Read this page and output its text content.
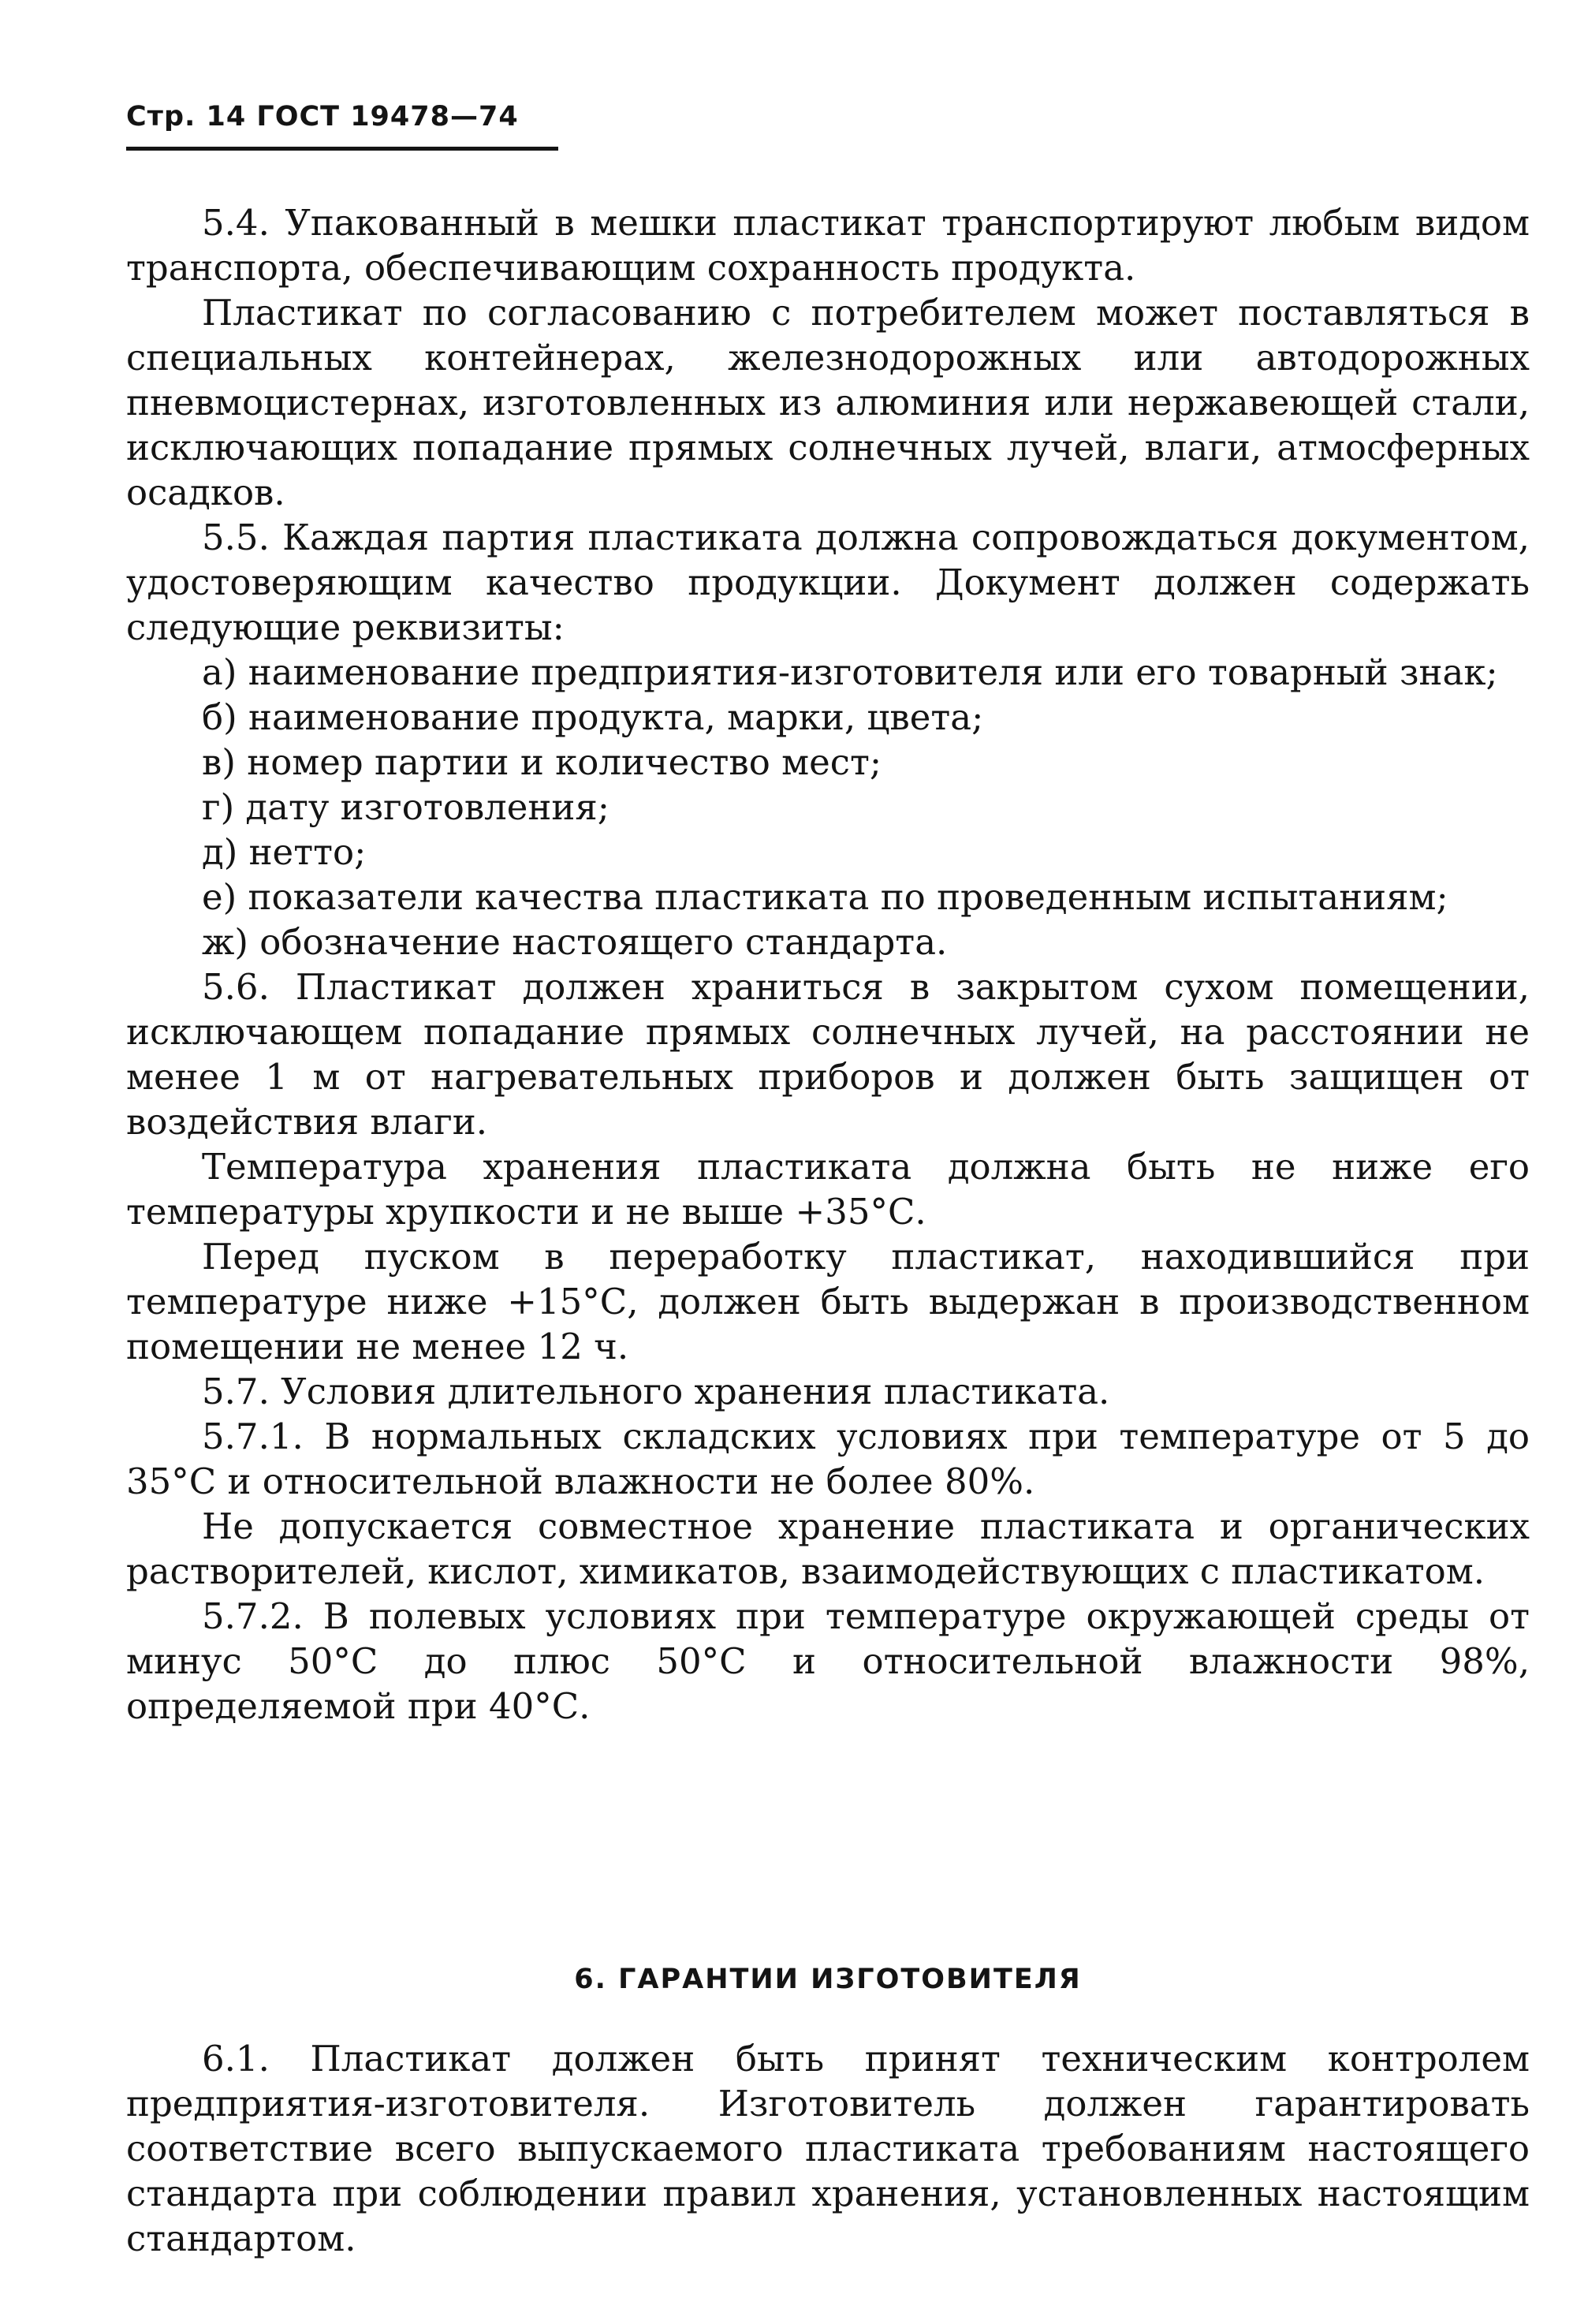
Стр. 14 ГОСТ 19478—74

5.4. Упакованный в мешки пластикат транспортируют любым видом транспорта, обеспечивающим сохранность продукта.

Пластикат по согласованию с потребителем может поставляться в специальных контейнерах, железнодорожных или автодорожных пневмоцистернах, изготовленных из алюминия или нержавеющей стали, исключающих попадание прямых солнечных лучей, влаги, атмосферных осадков.

5.5. Каждая партия пластиката должна сопровождаться документом, удостоверяющим качество продукции. Документ должен содержать следующие реквизиты:

а) наименование предприятия-изготовителя или его товарный знак;

б) наименование продукта, марки, цвета;

в) номер партии и количество мест;

г) дату изготовления;

д) нетто;

е) показатели качества пластиката по проведенным испытаниям;

ж) обозначение настоящего стандарта.

5.6. Пластикат должен храниться в закрытом сухом помещении, исключающем попадание прямых солнечных лучей, на расстоянии не менее 1 м от нагревательных приборов и должен быть защищен от воздействия влаги.

Температура хранения пластиката должна быть не ниже его температуры хрупкости и не выше +35°С.

Перед пуском в переработку пластикат, находившийся при температуре ниже +15°С, должен быть выдержан в производственном помещении не менее 12 ч.

5.7. Условия длительного хранения пластиката.

5.7.1. В нормальных складских условиях при температуре от 5 до 35°С и относительной влажности не более 80%.

Не допускается совместное хранение пластиката и органических растворителей, кислот, химикатов, взаимодействующих с пластикатом.

5.7.2. В полевых условиях при температуре окружающей среды от минус 50°С до плюс 50°С и относительной влажности 98%, определяемой при 40°С.

6. ГАРАНТИИ ИЗГОТОВИТЕЛЯ

6.1. Пластикат должен быть принят техническим контролем предприятия-изготовителя. Изготовитель должен гарантировать соответствие всего выпускаемого пластиката требованиям настоящего стандарта при соблюдении правил хранения, установленных настоящим стандартом.
